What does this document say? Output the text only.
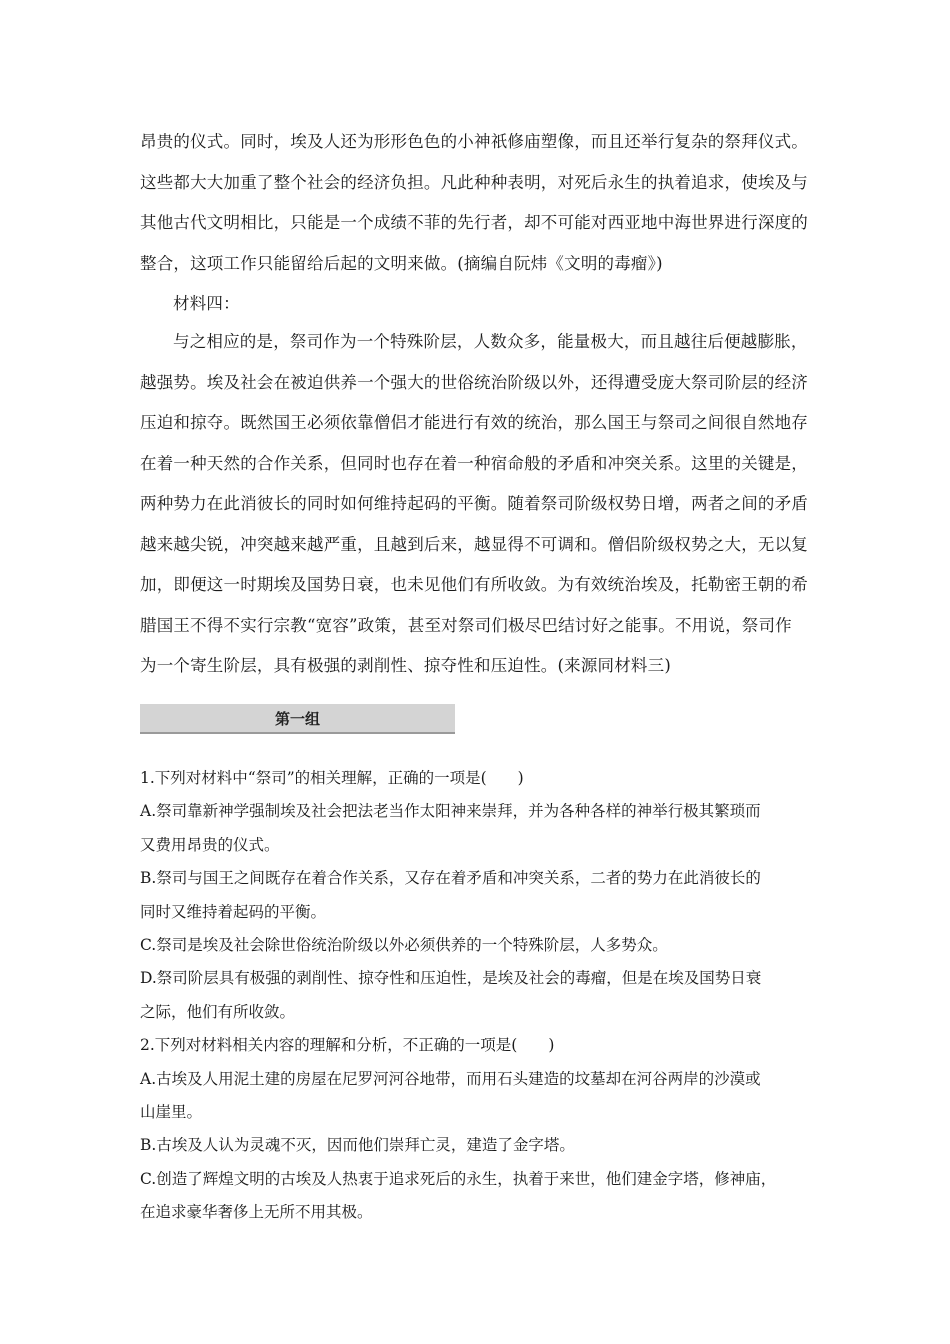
昂贵的仪式。同时，埃及人还为形形色色的小神祇修庙塑像，而且还举行复杂的祭拜仪式。
这些都大大加重了整个社会的经济负担。凡此种种表明，对死后永生的执着追求，使埃及与
其他古代文明相比，只能是一个成绩不菲的先行者，却不可能对西亚地中海世界进行深度的
整合，这项工作只能留给后起的文明来做。(摘编自阮炜《文明的毒瘤》)
材料四：
与之相应的是，祭司作为一个特殊阶层，人数众多，能量极大，而且越往后便越膨胀，
越强势。埃及社会在被迫供养一个强大的世俗统治阶级以外，还得遭受庞大祭司阶层的经济
压迫和掠夺。既然国王必须依靠僧侣才能进行有效的统治，那么国王与祭司之间很自然地存
在着一种天然的合作关系，但同时也存在着一种宿命般的矛盾和冲突关系。这里的关键是，
两种势力在此消彼长的同时如何维持起码的平衡。随着祭司阶级权势日增，两者之间的矛盾
越来越尖锐，冲突越来越严重，且越到后来，越显得不可调和。僧侣阶级权势之大，无以复
加，即便这一时期埃及国势日衰，也未见他们有所收敛。为有效统治埃及，托勒密王朝的希
腊国王不得不实行宗教“宽容”政策，甚至对祭司们极尽巴结讨好之能事。不用说，祭司作
为一个寄生阶层，具有极强的剥削性、掠夺性和压迫性。(来源同材料三)
第一组
1.下列对材料中“祭司”的相关理解，正确的一项是(　　)
A.祭司靠新神学强制埃及社会把法老当作太阳神来崇拜，并为各种各样的神举行极其繁琐而
又费用昂贵的仪式。
B.祭司与国王之间既存在着合作关系，又存在着矛盾和冲突关系，二者的势力在此消彼长的
同时又维持着起码的平衡。
C.祭司是埃及社会除世俗统治阶级以外必须供养的一个特殊阶层，人多势众。
D.祭司阶层具有极强的剥削性、掠夺性和压迫性，是埃及社会的毒瘤，但是在埃及国势日衰
之际，他们有所收敛。
2.下列对材料相关内容的理解和分析，不正确的一项是(　　)
A.古埃及人用泥土建的房屋在尼罗河河谷地带，而用石头建造的坟墓却在河谷两岸的沙漠或
山崖里。
B.古埃及人认为灵魂不灭，因而他们崇拜亡灵，建造了金字塔。
C.创造了辉煌文明的古埃及人热衷于追求死后的永生，执着于来世，他们建金字塔，修神庙，
在追求豪华奢侈上无所不用其极。
